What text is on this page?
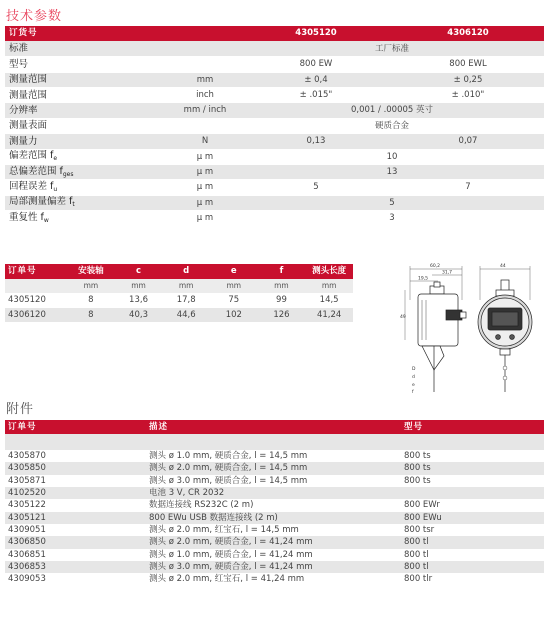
技术参数
订货号		4305120	4306120
标准		工厂标准	
型号		800 EW	800 EWL
测量范围	mm	± 0,4	± 0,25
测量范围	inch	± .015"	± .010"
分辨率	mm / inch	0,001 / .00005 英寸	
测量表面		硬质合金	
测量力	N	0,13	0,07
偏差范围 $f_e$	µ m	10	
总偏差范围 $f_{ges}$	µ m	13	
回程误差 $f_u$	µ m	5	7
局部测量偏差 $f_t$	µ m	5	
重复性 $f_w$	µ m	3	
订单号	安装轴	c	d	e	f	测头长度
	mm	mm	mm	mm	mm	mm
4305120	8	13,6	17,8	75	99	14,5
4306120	8	40,3	44,6	102	126	41,24
60,2
31,7
19,5
44
49
D
d
e
f
附件
订单号	描述	型号

4305870	测头 ø 1.0 mm, 硬质合金, l = 14,5 mm	800 ts
4305850	测头 ø 2.0 mm, 硬质合金, l = 14,5 mm	800 ts
4305871	测头 ø 3.0 mm, 硬质合金, l = 14,5 mm	800 ts
4102520	电池 3 V, CR 2032	
4305122	数据连接线 RS232C (2 m)	800 EWr
4305121	800 EWu USB 数据连接线 (2 m)	800 EWu
4309051	测头 ø 2.0 mm, 红宝石, l = 14,5 mm	800 tsr
4306850	测头 ø 2.0 mm, 硬质合金, l = 41,24 mm	800 tl
4306851	测头 ø 1.0 mm, 硬质合金, l = 41,24 mm	800 tl
4306853	测头 ø 3.0 mm, 硬质合金, l = 41,24 mm	800 tl
4309053	测头 ø 2.0 mm, 红宝石, l = 41,24 mm	800 tlr
